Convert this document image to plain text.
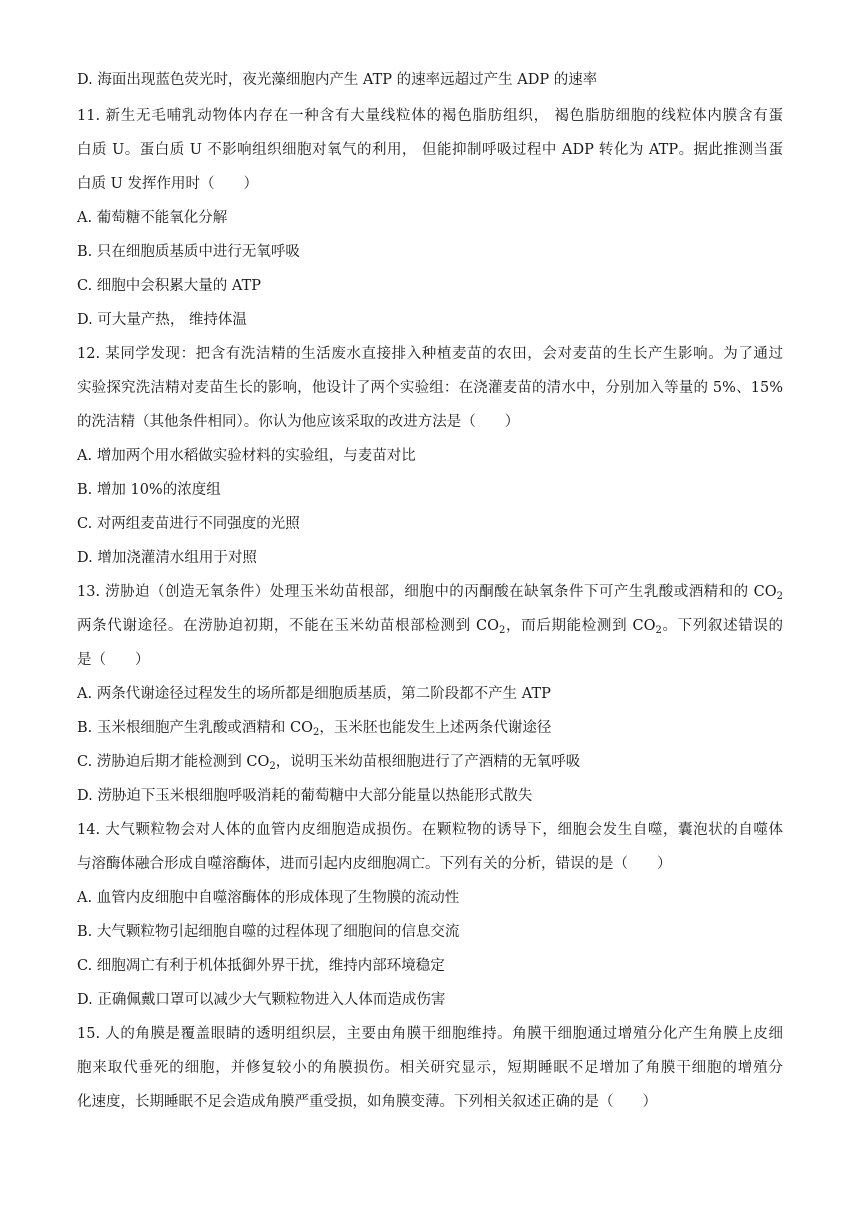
D. 海面出现蓝色荧光时，夜光藻细胞内产生 ATP 的速率远超过产生 ADP 的速率
11. 新生无毛哺乳动物体内存在一种含有大量线粒体的褐色脂肪组织， 褐色脂肪细胞的线粒体内膜含有蛋
白质 U。蛋白质 U 不影响组织细胞对氧气的利用， 但能抑制呼吸过程中 ADP 转化为 ATP。据此推测当蛋
白质 U 发挥作用时（　　）
A. 葡萄糖不能氧化分解
B. 只在细胞质基质中进行无氧呼吸
C. 细胞中会积累大量的 ATP
D. 可大量产热， 维持体温
12. 某同学发现：把含有洗洁精的生活废水直接排入种植麦苗的农田，会对麦苗的生长产生影响。为了通过
实验探究洗洁精对麦苗生长的影响，他设计了两个实验组：在浇灌麦苗的清水中，分别加入等量的 5%、15%
的洗洁精（其他条件相同）。你认为他应该采取的改进方法是（　　）
A. 增加两个用水稻做实验材料的实验组，与麦苗对比
B. 增加 10%的浓度组
C. 对两组麦苗进行不同强度的光照
D. 增加浇灌清水组用于对照
13. 涝胁迫（创造无氧条件）处理玉米幼苗根部，细胞中的丙酮酸在缺氧条件下可产生乳酸或酒精和的 $CO_2$
两条代谢途径。在涝胁迫初期，不能在玉米幼苗根部检测到 $CO_2$，而后期能检测到 $CO_2$。下列叙述错误的
是（　　）
A. 两条代谢途径过程发生的场所都是细胞质基质，第二阶段都不产生 ATP
B. 玉米根细胞产生乳酸或酒精和 $CO_2$，玉米胚也能发生上述两条代谢途径
C. 涝胁迫后期才能检测到 $CO_2$，说明玉米幼苗根细胞进行了产酒精的无氧呼吸
D. 涝胁迫下玉米根细胞呼吸消耗的葡萄糖中大部分能量以热能形式散失
14. 大气颗粒物会对人体的血管内皮细胞造成损伤。在颗粒物的诱导下，细胞会发生自噬，囊泡状的自噬体
与溶酶体融合形成自噬溶酶体，进而引起内皮细胞凋亡。下列有关的分析，错误的是（　　）
A. 血管内皮细胞中自噬溶酶体的形成体现了生物膜的流动性
B. 大气颗粒物引起细胞自噬的过程体现了细胞间的信息交流
C. 细胞凋亡有利于机体抵御外界干扰，维持内部环境稳定
D. 正确佩戴口罩可以减少大气颗粒物进入人体而造成伤害
15. 人的角膜是覆盖眼睛的透明组织层，主要由角膜干细胞维持。角膜干细胞通过增殖分化产生角膜上皮细
胞来取代垂死的细胞，并修复较小的角膜损伤。相关研究显示，短期睡眠不足增加了角膜干细胞的增殖分
化速度，长期睡眠不足会造成角膜严重受损，如角膜变薄。下列相关叙述正确的是（　　）
